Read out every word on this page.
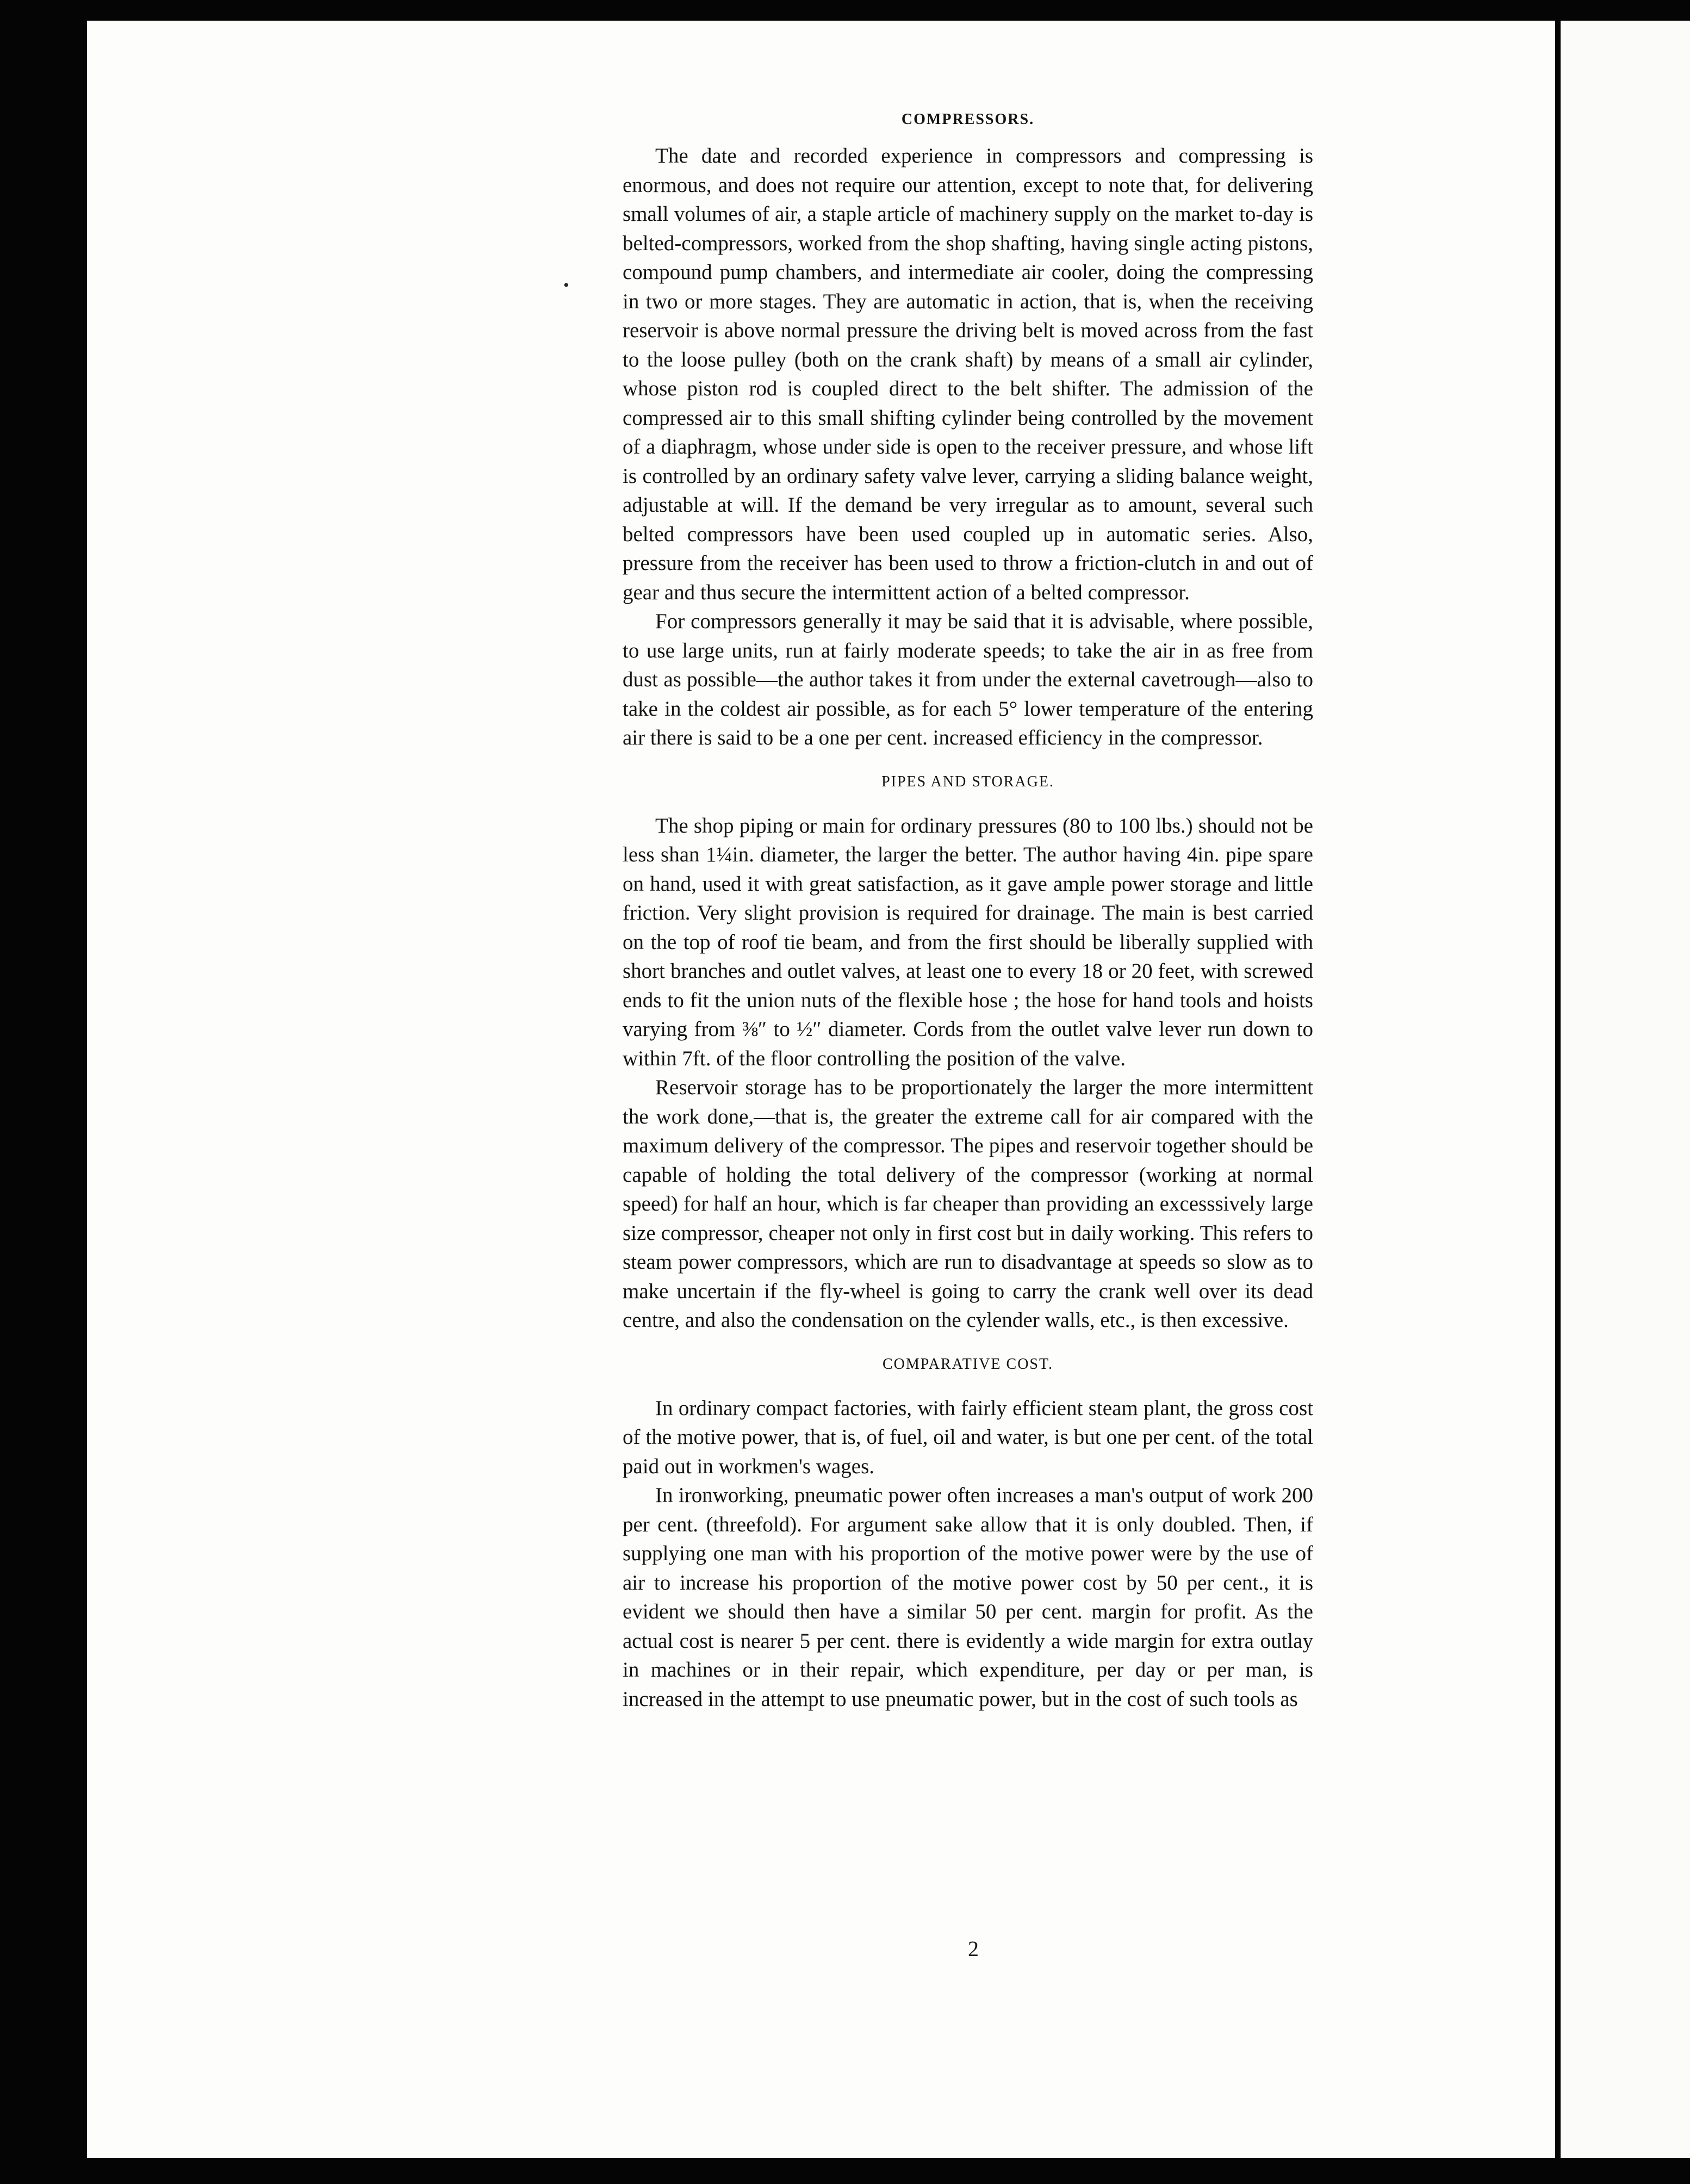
•
COMPRESSORS.

The date and recorded experience in compressors and compressing is enormous, and does not require our attention, except to note that, for delivering small volumes of air, a staple article of machinery supply on the market to-day is belted-compressors, worked from the shop shafting, having single acting pistons, compound pump chambers, and intermediate air cooler, doing the compressing in two or more stages. They are automatic in action, that is, when the receiving reservoir is above normal pressure the driving belt is moved across from the fast to the loose pulley (both on the crank shaft) by means of a small air cylinder, whose piston rod is coupled direct to the belt shifter. The admission of the compressed air to this small shifting cylinder being controlled by the movement of a diaphragm, whose under side is open to the receiver pressure, and whose lift is controlled by an ordinary safety valve lever, carrying a sliding balance weight, adjustable at will. If the demand be very irregular as to amount, several such belted compressors have been used coupled up in automatic series. Also, pressure from the receiver has been used to throw a friction-clutch in and out of gear and thus secure the intermittent action of a belted compressor.

For compressors generally it may be said that it is advisable, where possible, to use large units, run at fairly moderate speeds; to take the air in as free from dust as possible—the author takes it from under the external cavetrough—also to take in the coldest air possible, as for each 5° lower temperature of the entering air there is said to be a one per cent. increased efficiency in the compressor.

PIPES AND STORAGE.

The shop piping or main for ordinary pressures (80 to 100 lbs.) should not be less shan 1¼in. diameter, the larger the better. The author having 4in. pipe spare on hand, used it with great satisfaction, as it gave ample power storage and little friction. Very slight provision is required for drainage. The main is best carried on the top of roof tie beam, and from the first should be liberally supplied with short branches and outlet valves, at least one to every 18 or 20 feet, with screwed ends to fit the union nuts of the flexible hose ; the hose for hand tools and hoists varying from ⅜″ to ½″ diameter. Cords from the outlet valve lever run down to within 7ft. of the floor controlling the position of the valve.

Reservoir storage has to be proportionately the larger the more intermittent the work done,—that is, the greater the extreme call for air compared with the maximum delivery of the compressor. The pipes and reservoir together should be capable of holding the total delivery of the compressor (working at normal speed) for half an hour, which is far cheaper than providing an excesssively large size compressor, cheaper not only in first cost but in daily working. This refers to steam power compressors, which are run to disadvantage at speeds so slow as to make uncertain if the fly-wheel is going to carry the crank well over its dead centre, and also the condensation on the cylender walls, etc., is then excessive.

COMPARATIVE COST.

In ordinary compact factories, with fairly efficient steam plant, the gross cost of the motive power, that is, of fuel, oil and water, is but one per cent. of the total paid out in workmen's wages.

In ironworking, pneumatic power often increases a man's output of work 200 per cent. (threefold). For argument sake allow that it is only doubled. Then, if supplying one man with his proportion of the motive power were by the use of air to increase his proportion of the motive power cost by 50 per cent., it is evident we should then have a similar 50 per cent. margin for profit. As the actual cost is nearer 5 per cent. there is evidently a wide margin for extra outlay in machines or in their repair, which expenditure, per day or per man, is increased in the attempt to use pneumatic power, but in the cost of such tools as

2
